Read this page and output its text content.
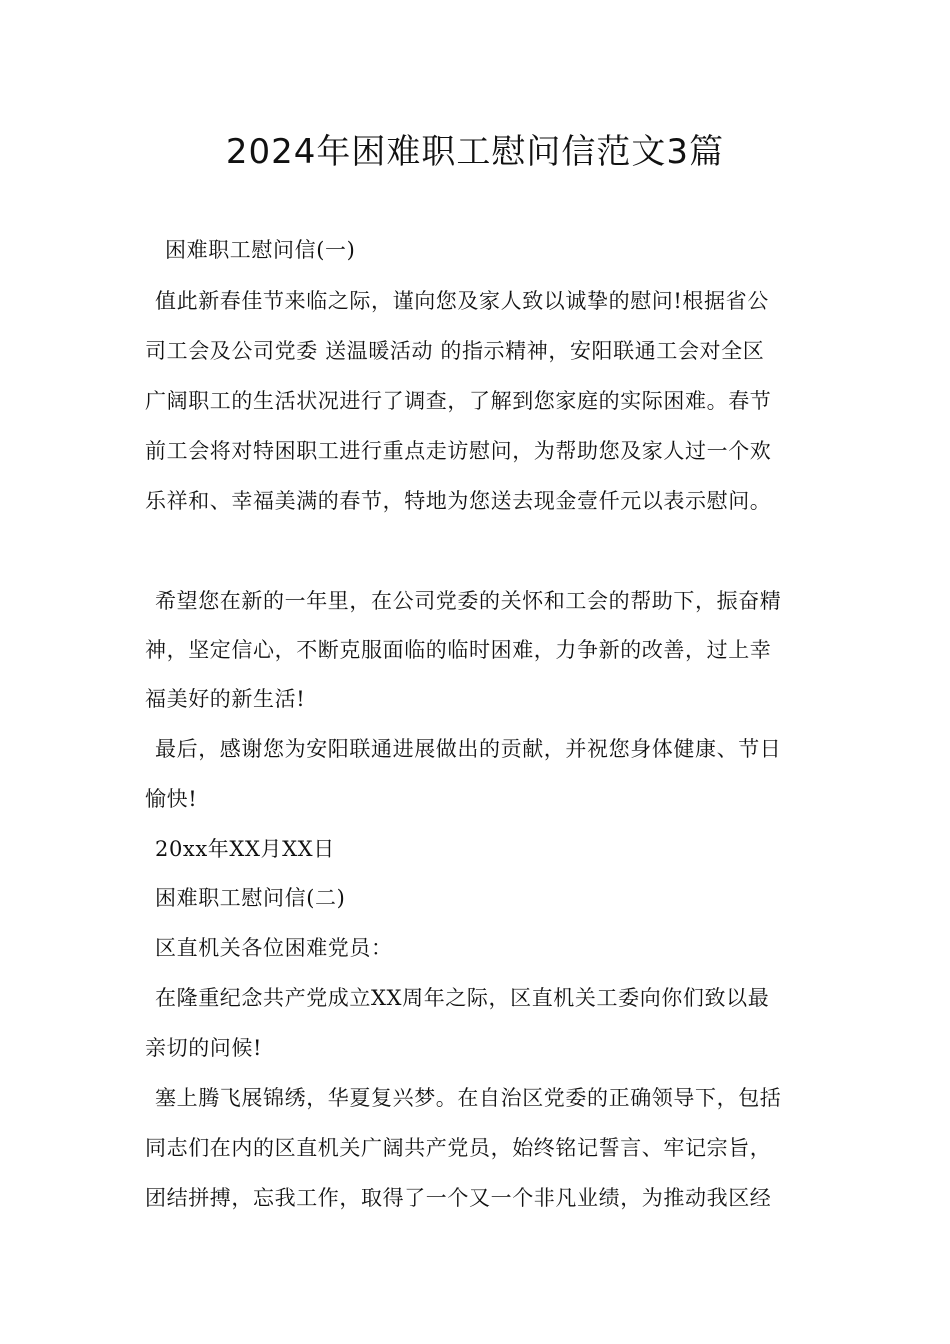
2024年困难职工慰问信范文3篇
困难职工慰问信(一)
值此新春佳节来临之际，谨向您及家人致以诚挚的慰问!根据省公
司工会及公司党委 送温暖活动 的指示精神，安阳联通工会对全区
广阔职工的生活状况进行了调查，了解到您家庭的实际困难。春节
前工会将对特困职工进行重点走访慰问，为帮助您及家人过一个欢
乐祥和、幸福美满的春节，特地为您送去现金壹仟元以表示慰问。
希望您在新的一年里，在公司党委的关怀和工会的帮助下，振奋精
神，坚定信心，不断克服面临的临时困难，力争新的改善，过上幸
福美好的新生活!
最后，感谢您为安阳联通进展做出的贡献，并祝您身体健康、节日
愉快!
20xx年XX月XX日
困难职工慰问信(二)
区直机关各位困难党员：
在隆重纪念共产党成立XX周年之际，区直机关工委向你们致以最
亲切的问候!
塞上腾飞展锦绣，华夏复兴梦。在自治区党委的正确领导下，包括
同志们在内的区直机关广阔共产党员，始终铭记誓言、牢记宗旨，
团结拼搏，忘我工作，取得了一个又一个非凡业绩，为推动我区经
